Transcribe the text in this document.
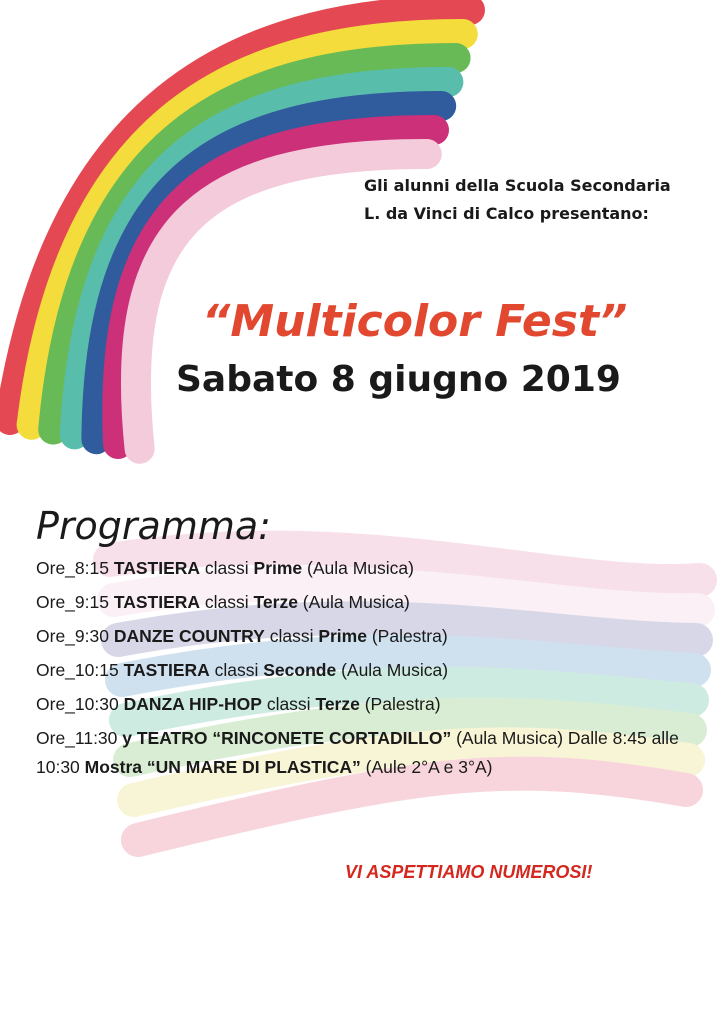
Gli alunni della Scuola Secondaria
L. da Vinci di Calco presentano:
“Multicolor Fest”
Sabato 8 giugno 2019
Programma:
Ore_8:15 TASTIERA classi Prime (Aula Musica)
Ore_9:15 TASTIERA classi Terze (Aula Musica)
Ore_9:30 DANZE COUNTRY classi Prime (Palestra)
Ore_10:15 TASTIERA classi Seconde (Aula Musica)
Ore_10:30 DANZA HIP-HOP classi Terze (Palestra)
Ore_11:30 y TEATRO “RINCONETE CORTADILLO” (Aula Musica) Dalle 8:45 alle 10:30 Mostra “UN MARE DI PLASTICA” (Aule 2°A e 3°A)
VI ASPETTIAMO NUMEROSI!
